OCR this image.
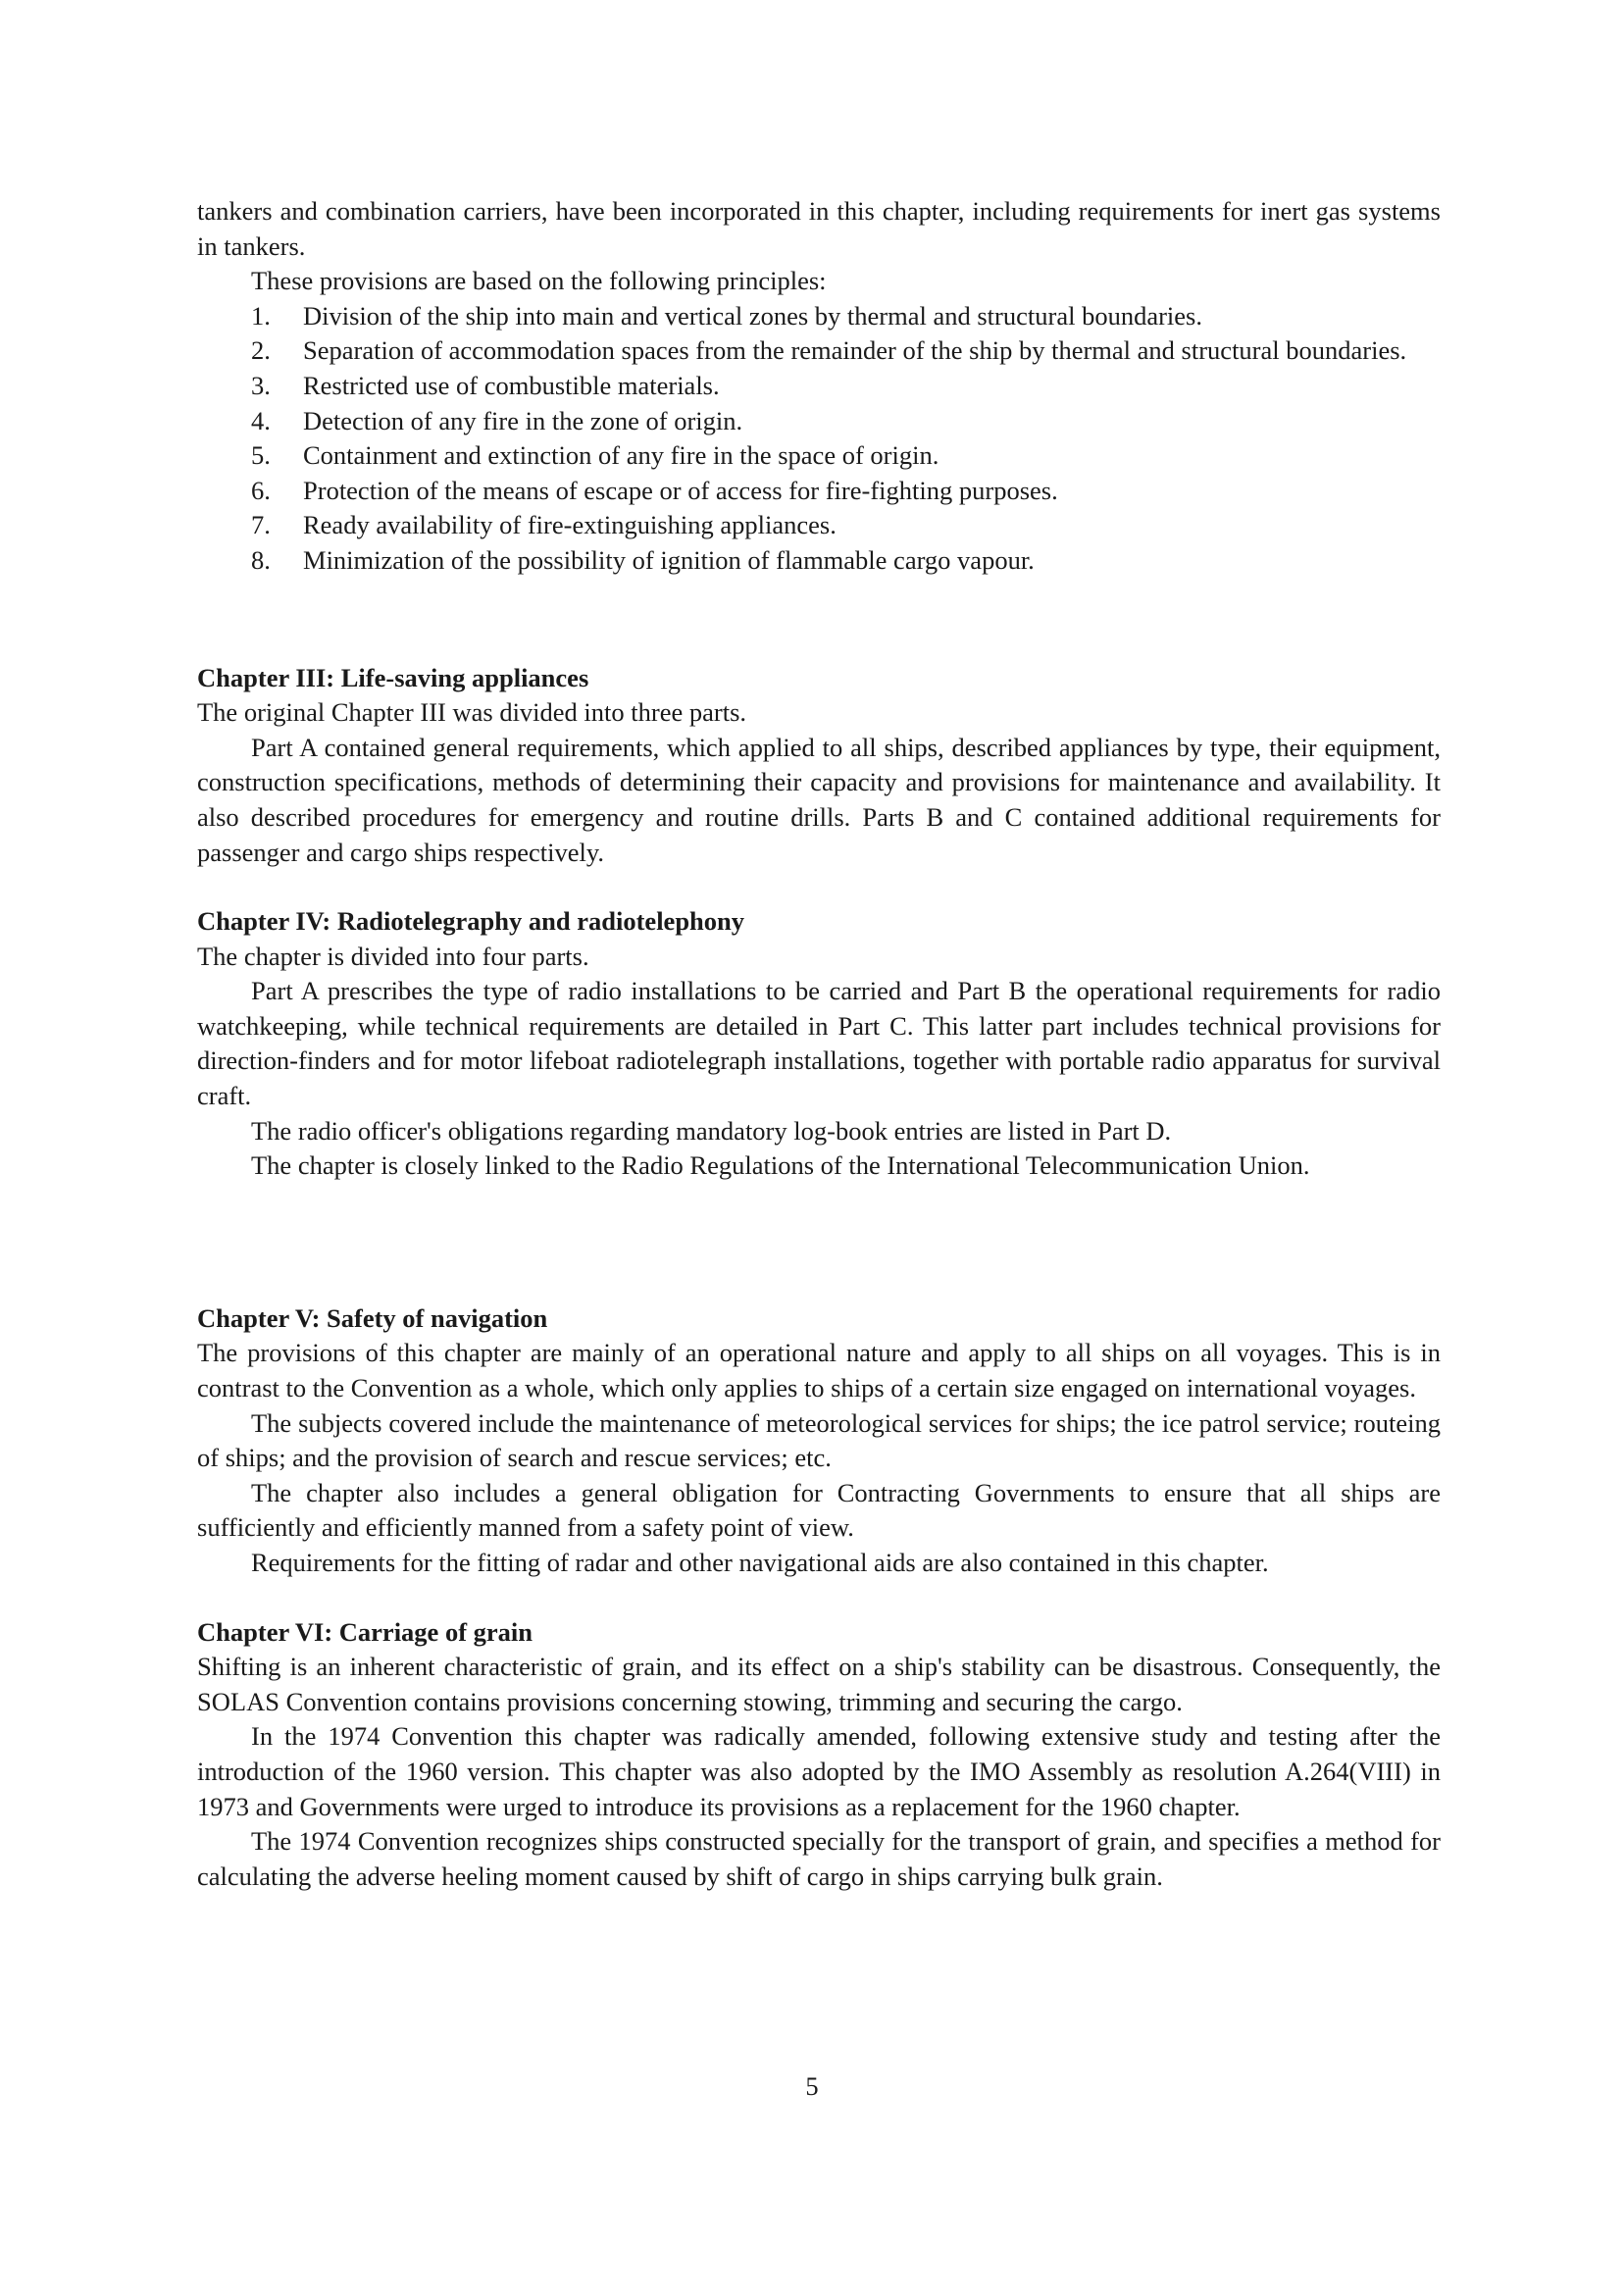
tankers and combination carriers, have been incorporated in this chapter, including requirements for inert gas systems in tankers.

These provisions are based on the following principles:

1. Division of the ship into main and vertical zones by thermal and structural boundaries.
2. Separation of accommodation spaces from the remainder of the ship by thermal and structural boundaries.
3. Restricted use of combustible materials.
4. Detection of any fire in the zone of origin.
5. Containment and extinction of any fire in the space of origin.
6. Protection of the means of escape or of access for fire-fighting purposes.
7. Ready availability of fire-extinguishing appliances.
8. Minimization of the possibility of ignition of flammable cargo vapour.
Chapter III: Life-saving appliances

The original Chapter III was divided into three parts.

Part A contained general requirements, which applied to all ships, described appliances by type, their equipment, construction specifications, methods of determining their capacity and provisions for maintenance and availability. It also described procedures for emergency and routine drills. Parts B and C contained additional requirements for passenger and cargo ships respectively.

Chapter IV: Radiotelegraphy and radiotelephony

The chapter is divided into four parts.

Part A prescribes the type of radio installations to be carried and Part B the operational requirements for radio watchkeeping, while technical requirements are detailed in Part C. This latter part includes technical provisions for direction-finders and for motor lifeboat radiotelegraph installations, together with portable radio apparatus for survival craft.

The radio officer's obligations regarding mandatory log-book entries are listed in Part D.

The chapter is closely linked to the Radio Regulations of the International Telecommunication Union.

Chapter V: Safety of navigation

The provisions of this chapter are mainly of an operational nature and apply to all ships on all voyages. This is in contrast to the Convention as a whole, which only applies to ships of a certain size engaged on international voyages.

The subjects covered include the maintenance of meteorological services for ships; the ice patrol service; routeing of ships; and the provision of search and rescue services; etc.

The chapter also includes a general obligation for Contracting Governments to ensure that all ships are sufficiently and efficiently manned from a safety point of view.

Requirements for the fitting of radar and other navigational aids are also contained in this chapter.

Chapter VI: Carriage of grain

Shifting is an inherent characteristic of grain, and its effect on a ship's stability can be disastrous. Consequently, the SOLAS Convention contains provisions concerning stowing, trimming and securing the cargo.

In the 1974 Convention this chapter was radically amended, following extensive study and testing after the introduction of the 1960 version. This chapter was also adopted by the IMO Assembly as resolution A.264(VIII) in 1973 and Governments were urged to introduce its provisions as a replacement for the 1960 chapter.

The 1974 Convention recognizes ships constructed specially for the transport of grain, and specifies a method for calculating the adverse heeling moment caused by shift of cargo in ships carrying bulk grain.

5
